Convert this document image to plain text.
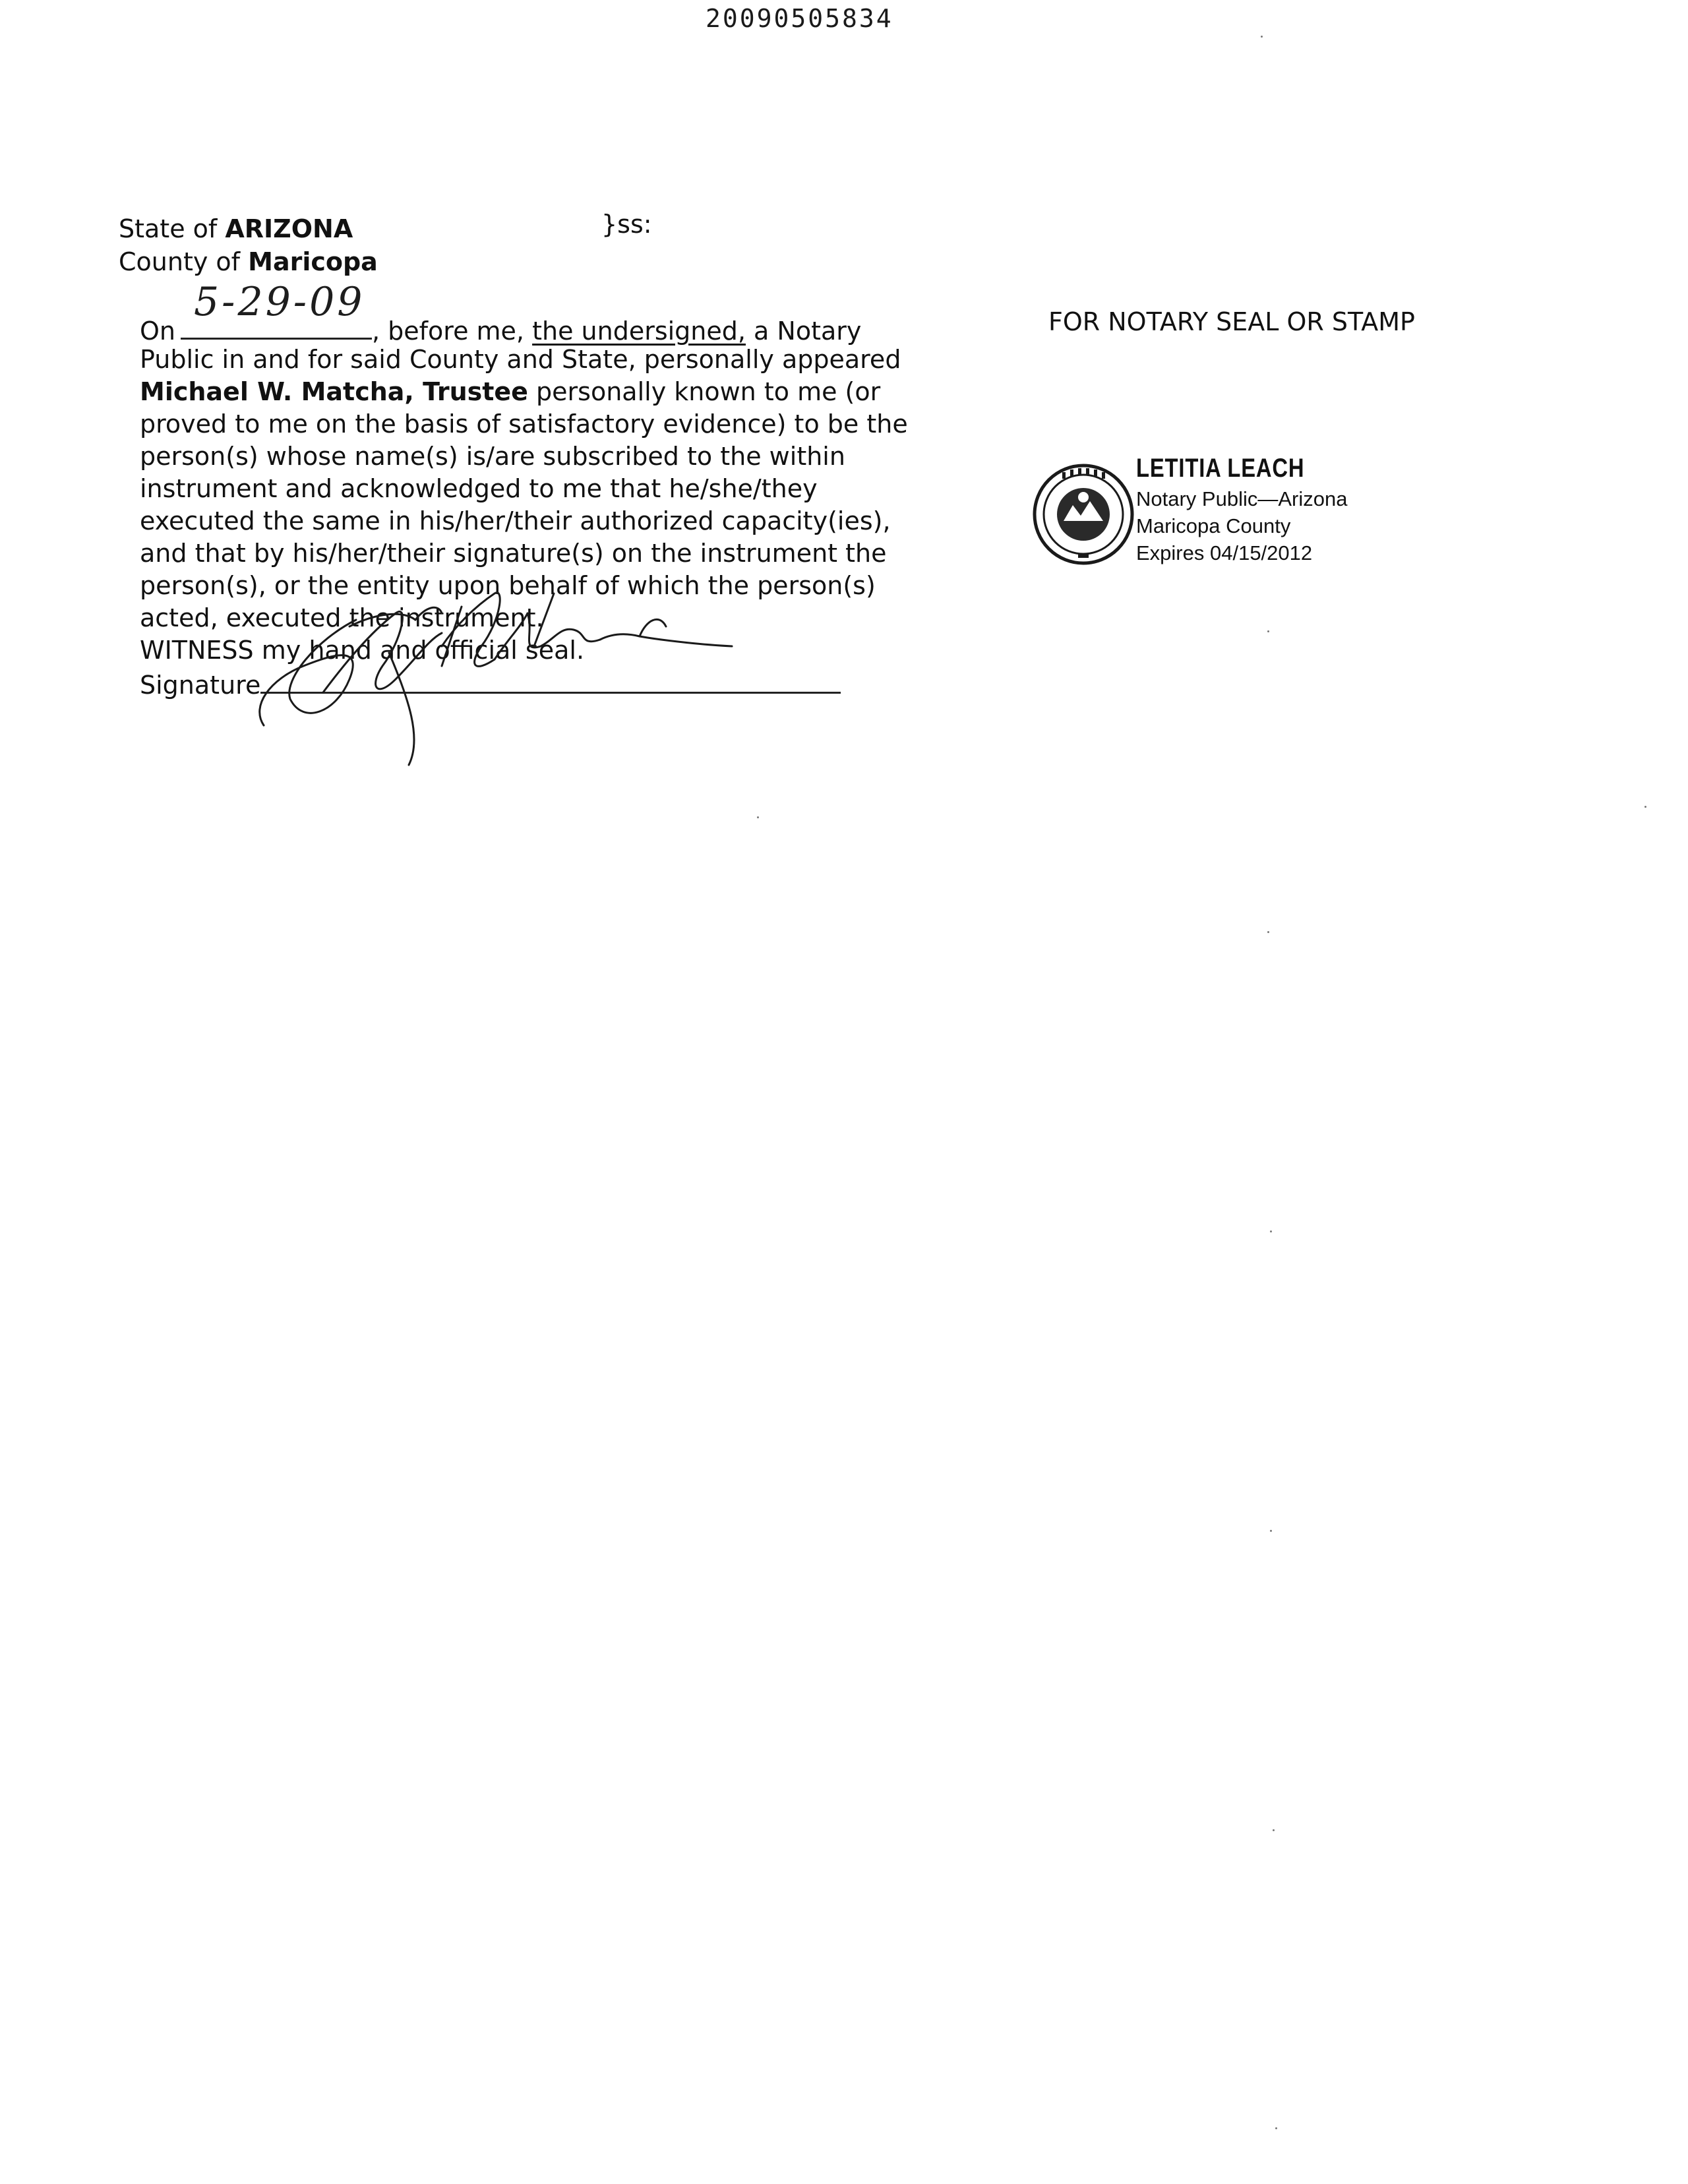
20090505834
State of ARIZONA
County of Maricopa
}ss:
FOR NOTARY SEAL OR STAMP
On
5-29-09
, before me, the undersigned, a Notary
Public in and for said County and State, personally appeared
Michael W. Matcha, Trustee personally known to me (or
proved to me on the basis of satisfactory evidence) to be the
person(s) whose name(s) is/are subscribed to the within
instrument and acknowledged to me that he/she/they
executed the same in his/her/their authorized capacity(ies),
and that by his/her/their signature(s) on the instrument the
person(s), or the entity upon behalf of which the person(s)
acted, executed the instrument.
WITNESS my hand and official seal.
Signature
LETITIA LEACH
Notary Public—Arizona
Maricopa County
Expires 04/15/2012
